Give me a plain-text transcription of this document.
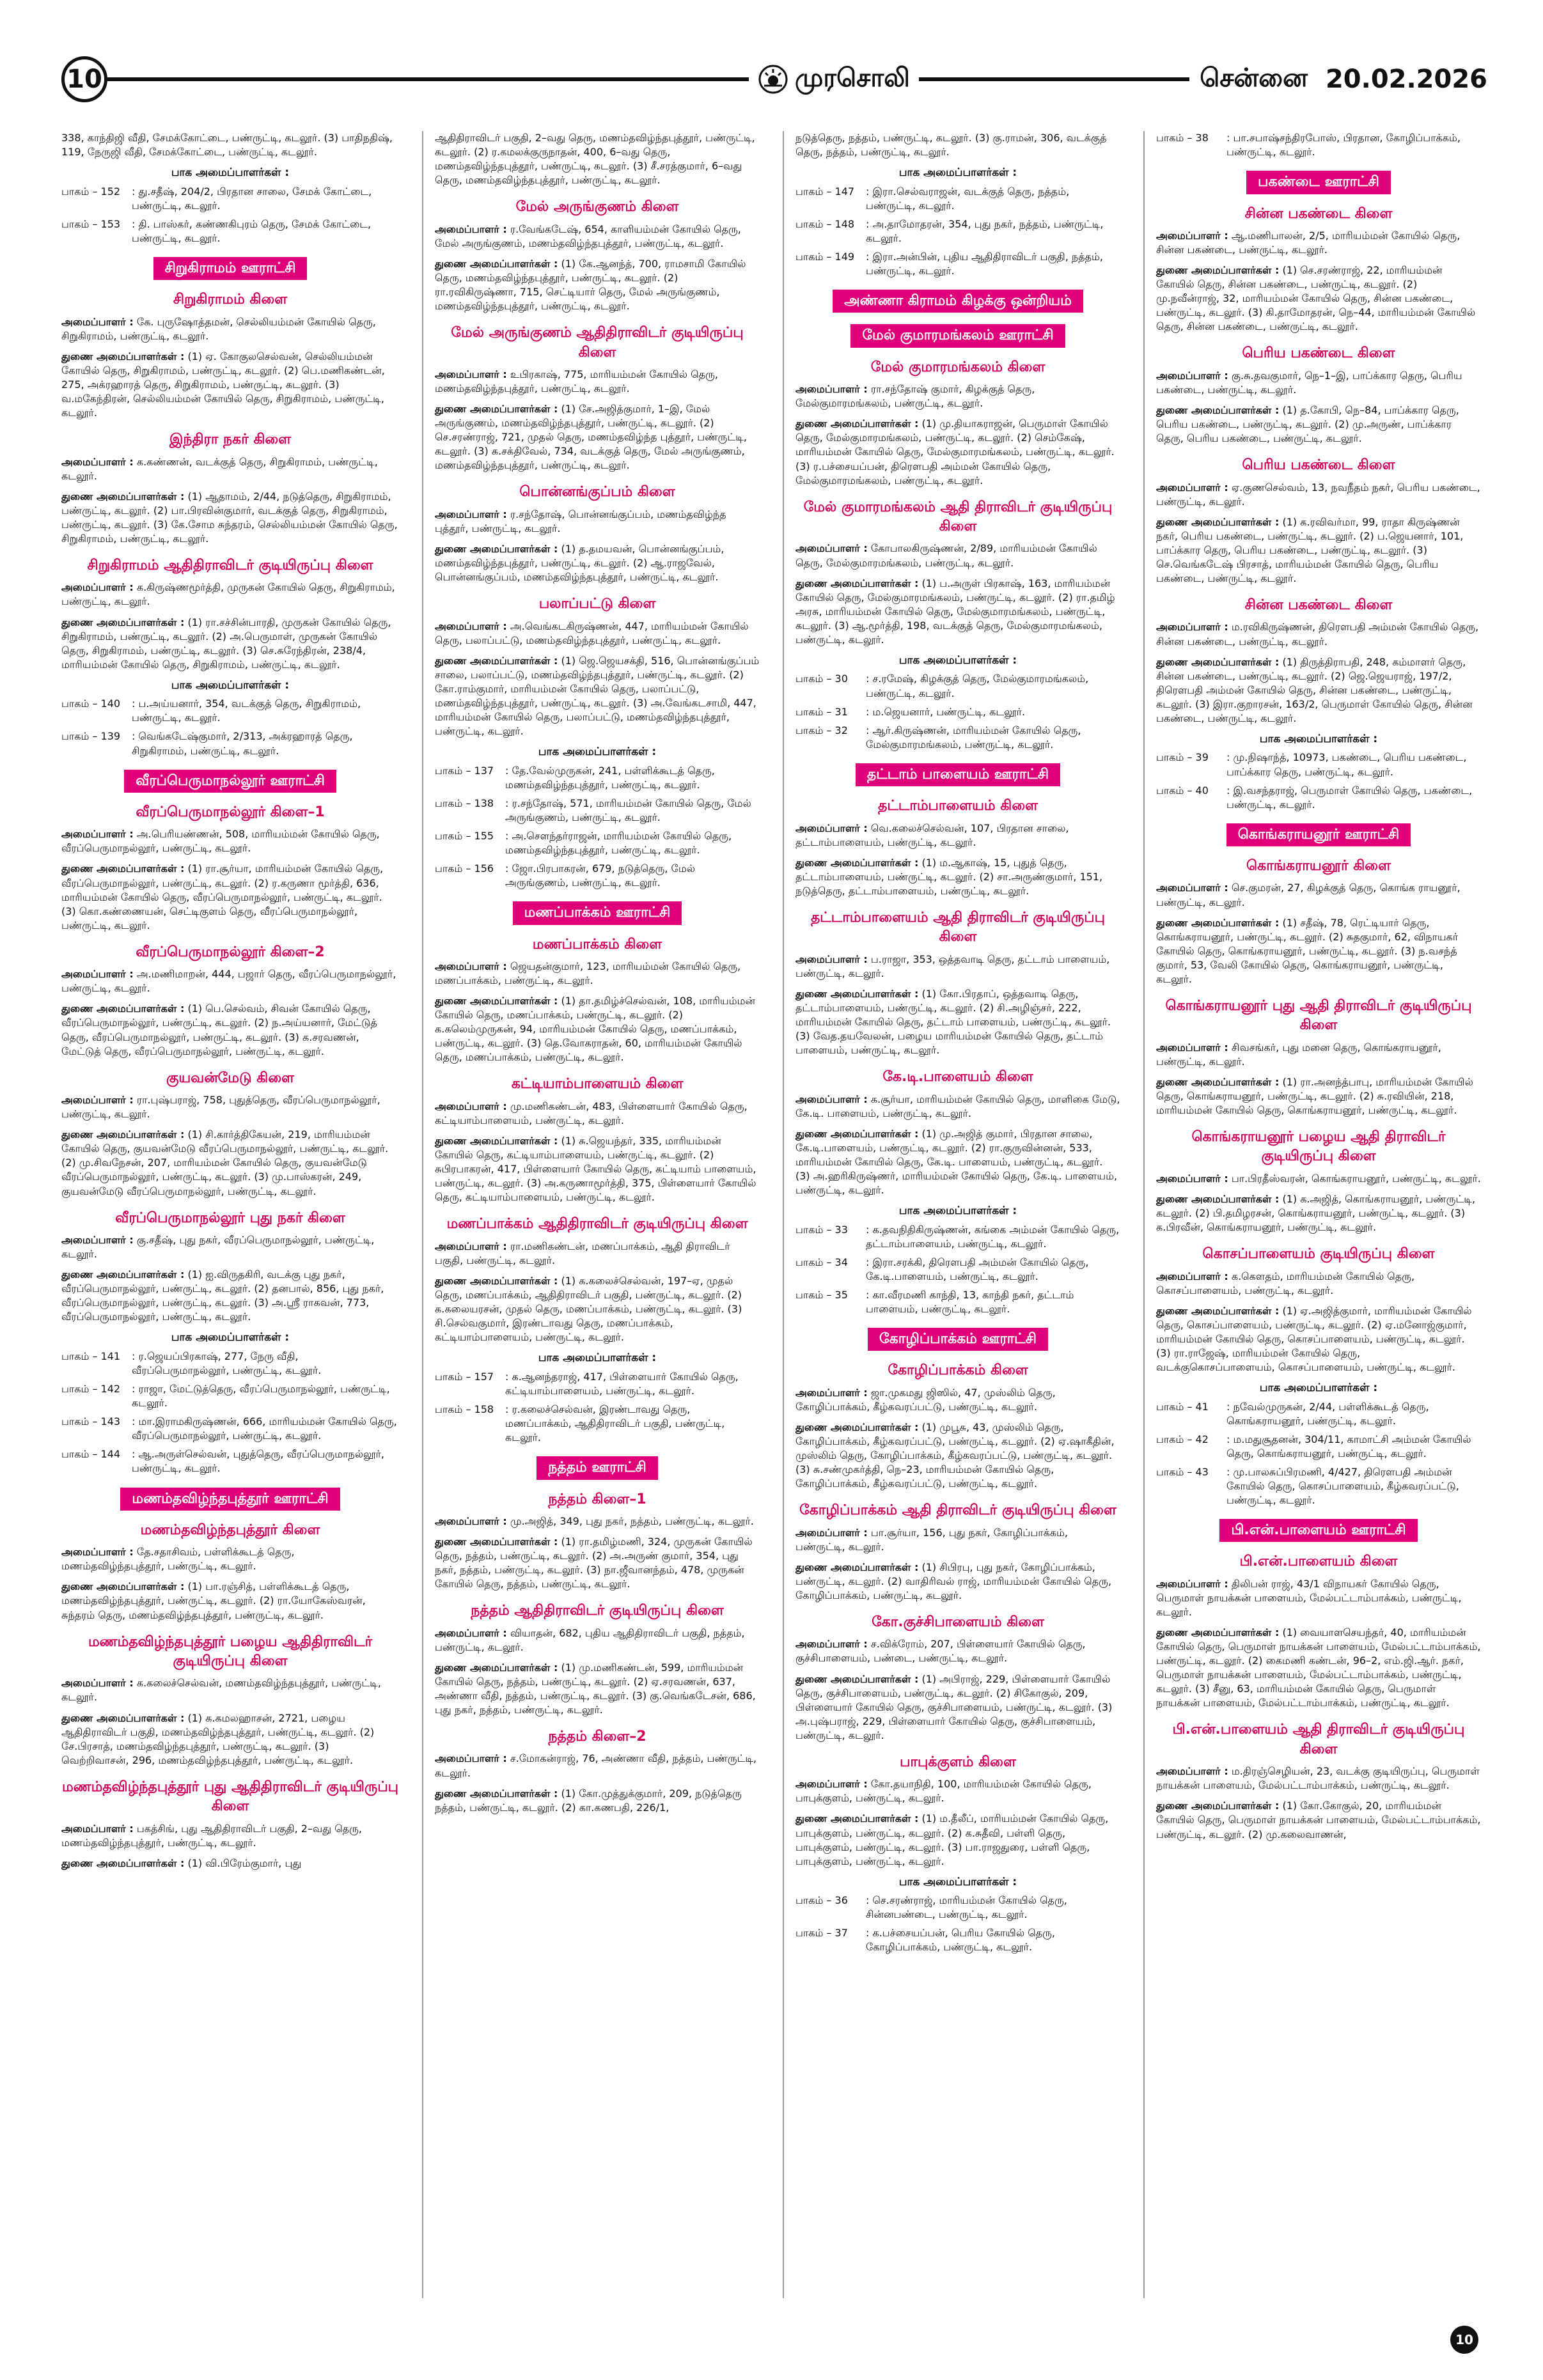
10	முரசொலி	சென்னை 20.02.2026

338, காந்திஜி வீதி, சேமக்கோட்டை, பண்ருட்டி, கடலூர். (3) பாதிநதிஷ், 119, நேருஜி வீதி, சேமக்கோட்டை, பண்ருட்டி, கடலூர்.

பாக அமைப்பாளர்கள் :
பாகம் – 152	: து.சதீஷ், 204/2, பிரதான சாலை, சேமக் கோட்டை, பண்ருட்டி, கடலூர்.
பாகம் – 153	: தி. பாஸ்கர், கண்ணகிபுரம் தெரு, சேமக் கோட்டை, பண்ருட்டி, கடலூர்.
சிறுகிராமம் ஊராட்சி
சிறுகிராமம் கிளை

அமைப்பாளர் : கே. புருஷோத்தமன், செல்லியம்மன் கோயில் தெரு, சிறுகிராமம், பண்ருட்டி, கடலூர்.

துணை அமைப்பாளர்கள் : (1) ஏ. கோகுலசெல்வன், செல்லியம்மன் கோயில் தெரு, சிறுகிராமம், பண்ருட்டி, கடலூர். (2) பெ.மணிகண்டன், 275, அக்ரஹாரத் தெரு, சிறுகிராமம், பண்ருட்டி, கடலூர். (3) வ.மகேந்திரன், செல்லியம்மன் கோயில் தெரு, சிறுகிராமம், பண்ருட்டி, கடலூர்.

இந்திரா நகர் கிளை

அமைப்பாளர் : க.கண்ணன், வடக்குத் தெரு, சிறுகிராமம், பண்ருட்டி, கடலூர்.

துணை அமைப்பாளர்கள் : (1) ஆதாமம், 2/44, நடுத்தெரு, சிறுகிராமம், பண்ருட்டி, கடலூர். (2) பா.பிரவின்குமார், வடக்குத் தெரு, சிறுகிராமம், பண்ருட்டி, கடலூர். (3) கே.சோம சுந்தரம், செல்லியம்மன் கோயில் தெரு, சிறுகிராமம், பண்ருட்டி, கடலூர்.

சிறுகிராமம் ஆதிதிராவிடர் குடியிருப்பு கிளை

அமைப்பாளர் : க.கிருஷ்ணமூர்த்தி, முருகன் கோயில் தெரு, சிறுகிராமம், பண்ருட்டி, கடலூர்.

துணை அமைப்பாளர்கள் : (1) ரா.சச்சின்பாரதி, முருகன் கோயில் தெரு, சிறுகிராமம், பண்ருட்டி, கடலூர். (2) அ.பெருமாள், முருகன் கோயில் தெரு, சிறுகிராமம், பண்ருட்டி, கடலூர். (3) செ.சுரேந்திரன், 238/4, மாரியம்மன் கோயில் தெரு, சிறுகிராமம், பண்ருட்டி, கடலூர்.

பாக அமைப்பாளர்கள் :
பாகம் – 140	: ப.அய்யனார், 354, வடக்குத் தெரு, சிறுகிராமம், பண்ருட்டி, கடலூர்.
பாகம் – 139	: வெங்கடேஷ்குமார், 2/313, அக்ரஹாரத் தெரு, சிறுகிராமம், பண்ருட்டி, கடலூர்.
வீரப்பெருமாநல்லூர் ஊராட்சி
வீரப்பெருமாநல்லூர் கிளை–1

அமைப்பாளர் : அ.பெரியண்ணன், 508, மாரியம்மன் கோயில் தெரு, வீரப்பெருமாநல்லூர், பண்ருட்டி, கடலூர்.

துணை அமைப்பாளர்கள் : (1) ரா.சூர்யா, மாரியம்மன் கோயில் தெரு, வீரப்பெருமாநல்லூர், பண்ருட்டி, கடலூர். (2) ர.கருணா மூர்த்தி, 636, மாரியம்மன் கோயில் தெரு, வீரப்பெருமாநல்லூர், பண்ருட்டி, கடலூர். (3) கொ.கண்ணையன், செட்டிகுளம் தெரு, வீரப்பெருமாநல்லூர், பண்ருட்டி, கடலூர்.

வீரப்பெருமாநல்லூர் கிளை–2

அமைப்பாளர் : அ.மணிமாறன், 444, பஜார் தெரு, வீரப்பெருமாநல்லூர், பண்ருட்டி, கடலூர்.

துணை அமைப்பாளர்கள் : (1) பெ.செல்வம், சிவன் கோயில் தெரு, வீரப்பெருமாநல்லூர், பண்ருட்டி, கடலூர். (2) ந.அய்யனார், மேட்டுத் தெரு, வீரப்பெருமாநல்லூர், பண்ருட்டி, கடலூர். (3) க.சரவணன், மேட்டுத் தெரு, வீரப்பெருமாநல்லூர், பண்ருட்டி, கடலூர்.

குயவன்மேடு கிளை

அமைப்பாளர் : ரா.புஷ்பராஜ், 758, புதுத்தெரு, வீரப்பெருமாநல்லூர், பண்ருட்டி, கடலூர்.

துணை அமைப்பாளர்கள் : (1) சி.கார்த்திகேயன், 219, மாரியம்மன் கோயில் தெரு, குயவன்மேடு வீரப்பெருமாநல்லூர், பண்ருட்டி, கடலூர். (2) மு.சிவநேசன், 207, மாரியம்மன் கோயில் தெரு, குயவன்மேடு வீரப்பெருமாநல்லூர், பண்ருட்டி, கடலூர். (3) மு.பாஸ்கரன், 249, குயவன்மேடு வீரப்பெருமாநல்லூர், பண்ருட்டி, கடலூர்.

வீரப்பெருமாநல்லூர் புது நகர் கிளை

அமைப்பாளர் : கு.சதீஷ், புது நகர், வீரப்பெருமாநல்லூர், பண்ருட்டி, கடலூர்.

துணை அமைப்பாளர்கள் : (1) ஐ.விருதகிரி, வடக்கு புது நகர், வீரப்பெருமாநல்லூர், பண்ருட்டி, கடலூர். (2) தனபால், 856, புது நகர், வீரப்பெருமாநல்லூர், பண்ருட்டி, கடலூர். (3) அ.ஸ்ரீ ராகவன், 773, வீரப்பெருமாநல்லூர், பண்ருட்டி, கடலூர்.

பாக அமைப்பாளர்கள் :
பாகம் – 141	: ர.ஜெயப்பிரகாஷ், 277, நேரு வீதி, வீரப்பெருமாநல்லூர், பண்ருட்டி, கடலூர்.
பாகம் – 142	: ராஜா, மேட்டுத்தெரு, வீரப்பெருமாநல்லூர், பண்ருட்டி, கடலூர்.
பாகம் – 143	: மா.இராமகிருஷ்ணன், 666, மாரியம்மன் கோயில் தெரு, வீரப்பெருமாநல்லூர், பண்ருட்டி, கடலூர்.
பாகம் – 144	: ஆ.அருள்செல்வன், புதுத்தெரு, வீரப்பெருமாநல்லூர், பண்ருட்டி, கடலூர்.
மணம்தவிழ்ந்தபுத்தூர் ஊராட்சி
மணம்தவிழ்ந்தபுத்தூர் கிளை

அமைப்பாளர் : தே.சதாசிவம், பள்ளிக்கூடத் தெரு, மணம்தவிழ்ந்தபுத்தூர், பண்ருட்டி, கடலூர்.

துணை அமைப்பாளர்கள் : (1) பா.ரஞ்சித், பள்ளிக்கூடத் தெரு, மணம்தவிழ்ந்தபுத்தூர், பண்ருட்டி, கடலூர். (2) ரா.யோகேஸ்வரன், சுந்தரம் தெரு, மணம்தவிழ்ந்தபுத்தூர், பண்ருட்டி, கடலூர்.

மணம்தவிழ்ந்தபுத்தூர் பழைய ஆதிதிராவிடர் குடியிருப்பு கிளை

அமைப்பாளர் : க.கலைச்செல்வன், மணம்தவிழ்ந்தபுத்தூர், பண்ருட்டி, கடலூர்.

துணை அமைப்பாளர்கள் : (1) க.கமலஹாசன், 2721, பழைய ஆதிதிராவிடர் பகுதி, மணம்தவிழ்ந்தபுத்தூர், பண்ருட்டி, கடலூர். (2) சே.பிரசாத், மணம்தவிழ்ந்தபுத்தூர், பண்ருட்டி, கடலூர். (3) வெற்றிவாசன், 296, மணம்தவிழ்ந்தபுத்தூர், பண்ருட்டி, கடலூர்.

மணம்தவிழ்ந்தபுத்தூர் புது ஆதிதிராவிடர் குடியிருப்பு கிளை

அமைப்பாளர் : பகத்சிங், புது ஆதிதிராவிடர் பகுதி, 2–வது தெரு, மணம்தவிழ்ந்தபுத்தூர், பண்ருட்டி, கடலூர்.

துணை அமைப்பாளர்கள் : (1) வி.பிரேம்குமார், புது

ஆதிதிராவிடர் பகுதி, 2–வது தெரு, மணம்தவிழ்ந்தபுத்தூர், பண்ருட்டி, கடலூர். (2) ர.கமலக்குருநாதன், 400, 6–வது தெரு, மணம்தவிழ்ந்தபுத்தூர், பண்ருட்டி, கடலூர். (3) சீ.சரத்குமார், 6–வது தெரு, மணம்தவிழ்ந்தபுத்தூர், பண்ருட்டி, கடலூர்.

மேல் அருங்குணம் கிளை

அமைப்பாளர் : ர.வேங்கடேஷ், 654, காளியம்மன் கோயில் தெரு, மேல் அருங்குணம், மணம்தவிழ்ந்தபுத்தூர், பண்ருட்டி, கடலூர்.

துணை அமைப்பாளர்கள் : (1) கே.ஆனந்த், 700, ராமசாமி கோயில் தெரு, மணம்தவிழ்ந்தபுத்தூர், பண்ருட்டி, கடலூர். (2) ரா.ரவிகிருஷ்ணா, 715, செட்டியார் தெரு, மேல் அருங்குணம், மணம்தவிழ்ந்தபுத்தூர், பண்ருட்டி, கடலூர்.

மேல் அருங்குணம் ஆதிதிராவிடர் குடியிருப்பு கிளை

அமைப்பாளர் : உபிரகாஷ், 775, மாரியம்மன் கோயில் தெரு, மணம்தவிழ்ந்தபுத்தூர், பண்ருட்டி, கடலூர்.

துணை அமைப்பாளர்கள் : (1) சே.அஜித்குமார், 1–இ, மேல் அருங்குணம், மணம்தவிழ்ந்தபுத்தூர், பண்ருட்டி, கடலூர். (2) செ.சரண்ராஜ், 721, முதல் தெரு, மணம்தவிழ்ந்த புத்தூர், பண்ருட்டி, கடலூர். (3) க.சக்திவேல், 734, வடக்குத் தெரு, மேல் அருங்குணம், மணம்தவிழ்ந்தபுத்தூர், பண்ருட்டி, கடலூர்.

பொன்னங்குப்பம் கிளை

அமைப்பாளர் : ர.சந்தோஷ், பொன்னங்குப்பம், மணம்தவிழ்ந்த புத்தூர், பண்ருட்டி, கடலூர்.

துணை அமைப்பாளர்கள் : (1) த.தமயவன், பொன்னங்குப்பம், மணம்தவிழ்ந்தபுத்தூர், பண்ருட்டி, கடலூர். (2) ஆ.ராஜவேல், பொன்னங்குப்பம், மணம்தவிழ்ந்தபுத்தூர், பண்ருட்டி, கடலூர்.

பலாப்பட்டு கிளை

அமைப்பாளர் : அ.வெங்கடகிருஷ்ணன், 447, மாரியம்மன் கோயில் தெரு, பலாப்பட்டு, மணம்தவிழ்ந்தபுத்தூர், பண்ருட்டி, கடலூர்.

துணை அமைப்பாளர்கள் : (1) ஜெ.ஜெயசக்தி, 516, பொன்னங்குப்பம் சாலை, பலாப்பட்டு, மணம்தவிழ்ந்தபுத்தூர், பண்ருட்டி, கடலூர். (2) கோ.ராம்குமார், மாரியம்மன் கோயில் தெரு, பலாப்பட்டு, மணம்தவிழ்ந்தபுத்தூர், பண்ருட்டி, கடலூர். (3) அ.வேங்கடசாமி, 447, மாரியம்மன் கோயில் தெரு, பலாப்பட்டு, மணம்தவிழ்ந்தபுத்தூர், பண்ருட்டி, கடலூர்.

பாக அமைப்பாளர்கள் :
பாகம் – 137	: தே.வேல்முருகன், 241, பள்ளிக்கூடத் தெரு, மணம்தவிழ்ந்தபுத்தூர், பண்ருட்டி, கடலூர்.
பாகம் – 138	: ர.சந்தோஷ், 571, மாரியம்மன் கோயில் தெரு, மேல் அருங்குணம், பண்ருட்டி, கடலூர்.
பாகம் – 155	: அ.சௌந்தர்ராஜன், மாரியம்மன் கோயில் தெரு, மணம்தவிழ்ந்தபுத்தூர், பண்ருட்டி, கடலூர்.
பாகம் – 156	: ஜோ.பிரபாகரன், 679, நடுத்தெரு, மேல் அருங்குணம், பண்ருட்டி, கடலூர்.
மணப்பாக்கம் ஊராட்சி
மணப்பாக்கம் கிளை

அமைப்பாளர் : ஜெயதன்குமார், 123, மாரியம்மன் கோயில் தெரு, மணப்பாக்கம், பண்ருட்டி, கடலூர்.

துணை அமைப்பாளர்கள் : (1) தா.தமிழ்ச்செல்வன், 108, மாரியம்மன் கோயில் தெரு, மணப்பாக்கம், பண்ருட்டி, கடலூர். (2) க.கலெம்முருகன், 94, மாரியம்மன் கோயில் தெரு, மணப்பாக்கம், பண்ருட்டி, கடலூர். (3) தெ.வோகராதன், 60, மாரியம்மன் கோயில் தெரு, மணப்பாக்கம், பண்ருட்டி, கடலூர்.

கட்டியாம்பாளையம் கிளை

அமைப்பாளர் : மு.மணிகண்டன், 483, பிள்ளையார் கோயில் தெரு, கட்டியாம்பாளையம், பண்ருட்டி, கடலூர்.

துணை அமைப்பாளர்கள் : (1) சு.ஜெயந்தர், 335, மாரியம்மன் கோயில் தெரு, கட்டியாம்பாளையம், பண்ருட்டி, கடலூர். (2) சுபிரபாகரன், 417, பிள்ளையார் கோயில் தெரு, கட்டியாம் பாளையம், பண்ருட்டி, கடலூர். (3) அ.கருணாமூர்த்தி, 375, பிள்ளையார் கோயில் தெரு, கட்டியாம்பாளையம், பண்ருட்டி, கடலூர்.

மணப்பாக்கம் ஆதிதிராவிடர் குடியிருப்பு கிளை

அமைப்பாளர் : ரா.மணிகண்டன், மணப்பாக்கம், ஆதி திராவிடர் பகுதி, பண்ருட்டி, கடலூர்.

துணை அமைப்பாளர்கள் : (1) க.கலைச்செல்வன், 197–ஏ, முதல் தெரு, மணப்பாக்கம், ஆதிதிராவிடர் பகுதி, பண்ருட்டி, கடலூர். (2) க.கலையரசன், முதல் தெரு, மணப்பாக்கம், பண்ருட்டி, கடலூர். (3) சி.செல்வகுமார், இரண்டாவது தெரு, மணப்பாக்கம், கட்டியாம்பாளையம், பண்ருட்டி, கடலூர்.

பாக அமைப்பாளர்கள் :
பாகம் – 157	: க.ஆனந்தராஜ், 417, பிள்ளையார் கோயில் தெரு, கட்டியாம்பாளையம், பண்ருட்டி, கடலூர்.
பாகம் – 158	: ர.கலைச்செல்வன், இரண்டாவது தெரு, மணப்பாக்கம், ஆதிதிராவிடர் பகுதி, பண்ருட்டி, கடலூர்.
நத்தம் ஊராட்சி
நத்தம் கிளை–1

அமைப்பாளர் : மு.அஜித், 349, புது நகர், நத்தம், பண்ருட்டி, கடலூர்.

துணை அமைப்பாளர்கள் : (1) ரா.தமிழ்மணி, 324, முருகன் கோயில் தெரு, நத்தம், பண்ருட்டி, கடலூர். (2) அ.அருண் குமார், 354, புது நகர், நத்தம், பண்ருட்டி, கடலூர். (3) நா.ஜீவானந்தம், 478, முருகன் கோயில் தெரு, நத்தம், பண்ருட்டி, கடலூர்.

நத்தம் ஆதிதிராவிடர் குடியிருப்பு கிளை

அமைப்பாளர் : வியாதன், 682, புதிய ஆதிதிராவிடர் பகுதி, நத்தம், பண்ருட்டி, கடலூர்.

துணை அமைப்பாளர்கள் : (1) மு.மணிகண்டன், 599, மாரியம்மன் கோயில் தெரு, நத்தம், பண்ருட்டி, கடலூர். (2) ஏ.சரவணன், 637, அண்ணா வீதி, நத்தம், பண்ருட்டி, கடலூர். (3) கு.வெங்கடேசன், 686, புது நகர், நத்தம், பண்ருட்டி, கடலூர்.

நத்தம் கிளை–2

அமைப்பாளர் : ச.மோகன்ராஜ், 76, அண்ணா வீதி, நத்தம், பண்ருட்டி, கடலூர்.

துணை அமைப்பாளர்கள் : (1) கோ.முத்துக்குமார், 209, நடுத்தெரு நத்தம், பண்ருட்டி, கடலூர். (2) கா.கணபதி, 226/1,

நடுத்தெரு, நத்தம், பண்ருட்டி, கடலூர். (3) கு.ராமன், 306, வடக்குத் தெரு, நத்தம், பண்ருட்டி, கடலூர்.

பாக அமைப்பாளர்கள் :
பாகம் – 147	: இரா.செல்வராஜன், வடக்குத் தெரு, நத்தம், பண்ருட்டி, கடலூர்.
பாகம் – 148	: அ.தாமோதரன், 354, புது நகர், நத்தம், பண்ருட்டி, கடலூர்.
பாகம் – 149	: இரா.அன்பின், புதிய ஆதிதிராவிடர் பகுதி, நத்தம், பண்ருட்டி, கடலூர்.
அண்ணா கிராமம் கிழக்கு ஒன்றியம்
மேல் குமாரமங்கலம் ஊராட்சி
மேல் குமாரமங்கலம் கிளை

அமைப்பாளர் : ரா.சந்தோஷ் குமார், கிழக்குத் தெரு, மேல்குமாரமங்கலம், பண்ருட்டி, கடலூர்.

துணை அமைப்பாளர்கள் : (1) மு.தியாகராஜன், பெருமாள் கோயில் தெரு, மேல்குமாரமங்கலம், பண்ருட்டி, கடலூர். (2) செம்கேஷ், மாரியம்மன் கோயில் தெரு, மேல்குமாரமங்கலம், பண்ருட்டி, கடலூர். (3) ர.பச்சையப்பன், திரௌபதி அம்மன் கோயில் தெரு, மேல்குமாரமங்கலம், பண்ருட்டி, கடலூர்.

மேல் குமாரமங்கலம் ஆதி திராவிடர் குடியிருப்பு கிளை

அமைப்பாளர் : கோபாலகிருஷ்ணன், 2/89, மாரியம்மன் கோயில் தெரு, மேல்குமாரமங்கலம், பண்ருட்டி, கடலூர்.

துணை அமைப்பாளர்கள் : (1) ப.அருள் பிரகாஷ், 163, மாரியம்மன் கோயில் தெரு, மேல்குமாரமங்கலம், பண்ருட்டி, கடலூர். (2) ரா.தமிழ் அரசு, மாரியம்மன் கோயில் தெரு, மேல்குமாரமங்கலம், பண்ருட்டி, கடலூர். (3) ஆ.மூர்த்தி, 198, வடக்குத் தெரு, மேல்குமாரமங்கலம், பண்ருட்டி, கடலூர்.

பாக அமைப்பாளர்கள் :
பாகம் – 30	: ச.ரமேஷ், கிழக்குத் தெரு, மேல்குமாரமங்கலம், பண்ருட்டி, கடலூர்.
பாகம் – 31	: ம.ஜெயனார், பண்ருட்டி, கடலூர்.
பாகம் – 32	: ஆர்.கிருஷ்ணன், மாரியம்மன் கோயில் தெரு, மேல்குமாரமங்கலம், பண்ருட்டி, கடலூர்.
தட்டாம் பாளையம் ஊராட்சி
தட்டாம்பாளையம் கிளை

அமைப்பாளர் : வெ.கலைச்செல்வன், 107, பிரதான சாலை, தட்டாம்பாளையம், பண்ருட்டி, கடலூர்.

துணை அமைப்பாளர்கள் : (1) ம.ஆகாஷ், 15, புதுத் தெரு, தட்டாம்பாளையம், பண்ருட்டி, கடலூர். (2) சா.அருண்குமார், 151, நடுத்தெரு, தட்டாம்பாளையம், பண்ருட்டி, கடலூர்.

தட்டாம்பாளையம் ஆதி திராவிடர் குடியிருப்பு கிளை

அமைப்பாளர் : ப.ராஜா, 353, ஒத்தவாடி தெரு, தட்டாம் பாளையம், பண்ருட்டி, கடலூர்.

துணை அமைப்பாளர்கள் : (1) கோ.பிரதாப், ஒத்தவாடி தெரு, தட்டாம்பாளையம், பண்ருட்டி, கடலூர். (2) சி.அழிஞ்சர், 222, மாரியம்மன் கோயில் தெரு, தட்டாம் பாளையம், பண்ருட்டி, கடலூர். (3) வேத.தயவேலன், பழைய மாரியம்மன் கோயில் தெரு, தட்டாம் பாளையம், பண்ருட்டி, கடலூர்.

கே.டி.பாளையம் கிளை

அமைப்பாளர் : க.சூர்யா, மாரியம்மன் கோயில் தெரு, மாளிகை மேடு, கே.டி. பாளையம், பண்ருட்டி, கடலூர்.

துணை அமைப்பாளர்கள் : (1) மு.அஜித் குமார், பிரதான சாலை, கே.டி.பாளையம், பண்ருட்டி, கடலூர். (2) ரா.குருவின்னன், 533, மாரியம்மன் கோயில் தெரு, கே.டி. பாளையம், பண்ருட்டி, கடலூர். (3) அ.ஹரிகிருஷ்ணர், மாரியம்மன் கோயில் தெரு, கே.டி. பாளையம், பண்ருட்டி, கடலூர்.

பாக அமைப்பாளர்கள் :
பாகம் – 33	: க.தவநிதிகிருஷ்ணன், கங்கை அம்மன் கோயில் தெரு, தட்டாம்பாளையம், பண்ருட்டி, கடலூர்.
பாகம் – 34	: இரா.சரக்கி, திரௌபதி அம்மன் கோயில் தெரு, கே.டி.பாளையம், பண்ருட்டி, கடலூர்.
பாகம் – 35	: கா.வீரமணி காந்தி, 13, காந்தி நகர், தட்டாம் பாளையம், பண்ருட்டி, கடலூர்.
கோழிப்பாக்கம் ஊராட்சி
கோழிப்பாக்கம் கிளை

அமைப்பாளர் : ஜா.முகமது ஜிஸில், 47, முஸ்லிம் தெரு, கோழிப்பாக்கம், கீழ்கவரப்பட்டு, பண்ருட்டி, கடலூர்.

துணை அமைப்பாளர்கள் : (1) முபூசு, 43, முஸ்லிம் தெரு, கோழிப்பாக்கம், கீழ்கவரப்பட்டு, பண்ருட்டி, கடலூர். (2) ஏ.ஷாகீதின், முஸ்லிம் தெரு, கோழிப்பாக்கம், கீழ்கவரப்பட்டு, பண்ருட்டி, கடலூர். (3) சு.சண்முகர்த்தி, நெ–23, மாரியம்மன் கோயில் தெரு, கோழிப்பாக்கம், கீழ்கவரப்பட்டு, பண்ருட்டி, கடலூர்.

கோழிப்பாக்கம் ஆதி திராவிடர் குடியிருப்பு கிளை

அமைப்பாளர் : பா.சூர்யா, 156, புது நகர், கோழிப்பாக்கம், பண்ருட்டி, கடலூர்.

துணை அமைப்பாளர்கள் : (1) சிபிரபு, புது நகர், கோழிப்பாக்கம், பண்ருட்டி, கடலூர். (2) வாதிரிவல் ராஜ், மாரியம்மன் கோயில் தெரு, கோழிப்பாக்கம், பண்ருட்டி, கடலூர்.

கோ.குச்சிபாளையம் கிளை

அமைப்பாளர் : ச.விக்ரோம், 207, பிள்ளையார் கோயில் தெரு, குச்சிபாளையம், பண்டை, பண்ருட்டி, கடலூர்.

துணை அமைப்பாளர்கள் : (1) அபிராஜ், 229, பிள்ளையார் கோயில் தெரு, குச்சிபாளையம், பண்ருட்டி, கடலூர். (2) சிகோகுல், 209, பிள்ளையார் கோயில் தெரு, குச்சிபாளையம், பண்ருட்டி, கடலூர். (3) அ.புஷ்பராஜ், 229, பிள்ளையார் கோயில் தெரு, குச்சிபாளையம், பண்ருட்டி, கடலூர்.

பாபுக்குளம் கிளை

அமைப்பாளர் : கோ.தயாநிதி, 100, மாரியம்மன் கோயில் தெரு, பாபுக்குளம், பண்ருட்டி, கடலூர்.

துணை அமைப்பாளர்கள் : (1) ம.தீலீப், மாரியம்மன் கோயில் தெரு, பாபுக்குளம், பண்ருட்டி, கடலூர். (2) க.சுதீவி, பள்ளி தெரு, பாபுக்குளம், பண்ருட்டி, கடலூர். (3) பா.ராஜதுரை, பள்ளி தெரு, பாபுக்குளம், பண்ருட்டி, கடலூர்.

பாக அமைப்பாளர்கள் :
பாகம் – 36	: செ.சரண்ராஜ், மாரியம்மன் கோயில் தெரு, சின்னபண்டை, பண்ருட்டி, கடலூர்.
பாகம் – 37	: க.பச்சையப்பன், பெரிய கோயில் தெரு, கோழிப்பாக்கம், பண்ருட்டி, கடலூர்.
பாகம் – 38	: பா.சபாஷ்சந்திரபோஸ், பிரதான, கோழிப்பாக்கம், பண்ருட்டி, கடலூர்.
பகண்டை ஊராட்சி
சின்ன பகண்டை கிளை

அமைப்பாளர் : ஆ.மணிபாலன், 2/5, மாரியம்மன் கோயில் தெரு, சின்ன பகண்டை, பண்ருட்டி, கடலூர்.

துணை அமைப்பாளர்கள் : (1) செ.சரண்ராஜ், 22, மாரியம்மன் கோயில் தெரு, சின்ன பகண்டை, பண்ருட்டி, கடலூர். (2) மு.நவீன்ராஜ், 32, மாரியம்மன் கோயில் தெரு, சின்ன பகண்டை, பண்ருட்டி, கடலூர். (3) கி.தாமோதரன், நெ–44, மாரியம்மன் கோயில் தெரு, சின்ன பகண்டை, பண்ருட்டி, கடலூர்.

பெரிய பகண்டை கிளை

அமைப்பாளர் : கு.சு.தவகுமார், நெ–1–இ, பாப்க்கார தெரு, பெரிய பகண்டை, பண்ருட்டி, கடலூர்.

துணை அமைப்பாளர்கள் : (1) த.கோபி, நெ–84, பாப்க்கார தெரு, பெரிய பகண்டை, பண்ருட்டி, கடலூர். (2) மு.அருண், பாப்க்கார தெரு, பெரிய பகண்டை, பண்ருட்டி, கடலூர்.

பெரிய பகண்டை கிளை

அமைப்பாளர் : ஏ.குணசெல்வம், 13, நவநீதம் நகர், பெரிய பகண்டை, பண்ருட்டி, கடலூர்.

துணை அமைப்பாளர்கள் : (1) க.ரவிவர்மா, 99, ராதா கிருஷ்ணன் நகர், பெரிய பகண்டை, பண்ருட்டி, கடலூர். (2) ப.ஜெயனார், 101, பாப்க்கார தெரு, பெரிய பகண்டை, பண்ருட்டி, கடலூர். (3) செ.வெங்கடேஷ் பிரசாத், மாரியம்மன் கோயில் தெரு, பெரிய பகண்டை, பண்ருட்டி, கடலூர்.

சின்ன பகண்டை கிளை

அமைப்பாளர் : ம.ரவிகிருஷ்ணன், திரௌபதி அம்மன் கோயில் தெரு, சின்ன பகண்டை, பண்ருட்டி, கடலூர்.

துணை அமைப்பாளர்கள் : (1) திருத்திராபதி, 248, கம்மாளர் தெரு, சின்ன பகண்டை, பண்ருட்டி, கடலூர். (2) ஜெ.ஜெயராஜ், 197/2, திரௌபதி அம்மன் கோயில் தெரு, சின்ன பகண்டை, பண்ருட்டி, கடலூர். (3) இரா.குறாரசன், 163/2, பெருமாள் கோயில் தெரு, சின்ன பகண்டை, பண்ருட்டி, கடலூர்.

பாக அமைப்பாளர்கள் :
பாகம் – 39	: மு.நிஷாந்த், 10973, பகண்டை, பெரிய பகண்டை, பாப்க்கார தெரு, பண்ருட்டி, கடலூர்.
பாகம் – 40	: இ.வசந்தராஜ், பெருமாள் கோயில் தெரு, பகண்டை, பண்ருட்டி, கடலூர்.
கொங்கராயனூர் ஊராட்சி
கொங்கராயனூர் கிளை

அமைப்பாளர் : செ.குமரன், 27, கிழக்குத் தெரு, கொங்க ராயனூர், பண்ருட்டி, கடலூர்.

துணை அமைப்பாளர்கள் : (1) சதீஷ், 78, ரெட்டியார் தெரு, கொங்கராயனூர், பண்ருட்டி, கடலூர். (2) சுதகுமார், 62, விநாயகர் கோயில் தெரு, கொங்கராயனூர், பண்ருட்டி, கடலூர். (3) ந.வசந்த் குமார், 53, வேலி கோயில் தெரு, கொங்கராயனூர், பண்ருட்டி, கடலூர்.

கொங்கராயனூர் புது ஆதி திராவிடர் குடியிருப்பு கிளை

அமைப்பாளர் : சிவசங்கர், புது மனை தெரு, கொங்கராயனூர், பண்ருட்டி, கடலூர்.

துணை அமைப்பாளர்கள் : (1) ரா.அனந்த்பாபு, மாரியம்மன் கோயில் தெரு, கொங்கராயனூர், பண்ருட்டி, கடலூர். (2) சு.ரவியின், 218, மாரியம்மன் கோயில் தெரு, கொங்கராயனூர், பண்ருட்டி, கடலூர்.

கொங்கராயனூர் பழைய ஆதி திராவிடர் குடியிருப்பு கிளை

அமைப்பாளர் : பா.பிரதீஸ்வரன், கொங்கராயனூர், பண்ருட்டி, கடலூர்.

துணை அமைப்பாளர்கள் : (1) க.அஜித், கொங்கராயனூர், பண்ருட்டி, கடலூர். (2) பி.தமிழரசன், கொங்கராயனூர், பண்ருட்டி, கடலூர். (3) க.பிரவீன், கொங்கராயனூர், பண்ருட்டி, கடலூர்.

கொசப்பாளையம் குடியிருப்பு கிளை

அமைப்பாளர் : க.கௌதம், மாரியம்மன் கோயில் தெரு, கொசப்பாளையம், பண்ருட்டி, கடலூர்.

துணை அமைப்பாளர்கள் : (1) ஏ.அஜித்குமார், மாரியம்மன் கோயில் தெரு, கொசப்பாளையம், பண்ருட்டி, கடலூர். (2) ஏ.மனோஜ்குமார், மாரியம்மன் கோயில் தெரு, கொசப்பாளையம், பண்ருட்டி, கடலூர். (3) ரா.ராஜேஷ், மாரியம்மன் கோயில் தெரு, வடக்குகொசப்பாளையம், கொசப்பாளையம், பண்ருட்டி, கடலூர்.

பாக அமைப்பாளர்கள் :
பாகம் – 41	: நவேல்முருகன், 2/44, பள்ளிக்கூடத் தெரு, கொங்கராயனூர், பண்ருட்டி, கடலூர்.
பாகம் – 42	: ம.மதுசூதனன், 304/11, காமாட்சி அம்மன் கோயில் தெரு, கொங்கராயனூர், பண்ருட்டி, கடலூர்.
பாகம் – 43	: மு.பாலசுப்பிரமணி, 4/427, திரௌபதி அம்மன் கோயில் தெரு, கொசப்பாளையம், கீழ்கவரப்பட்டு, பண்ருட்டி, கடலூர்.
பி.என்.பாளையம் ஊராட்சி
பி.என்.பாளையம் கிளை

அமைப்பாளர் : திலிபன் ராஜ், 43/1 விநாயகர் கோயில் தெரு, பெருமாள் நாயக்கன் பாளையம், மேல்பட்டாம்பாக்கம், பண்ருட்டி, கடலூர்.

துணை அமைப்பாளர்கள் : (1) வையாளசெயந்தர், 40, மாரியம்மன் கோயில் தெரு, பெருமாள் நாயக்கன் பாளையம், மேல்பட்டாம்பாக்கம், பண்ருட்டி, கடலூர். (2) கைமணி கண்டன், 96–2, எம்.ஜி.ஆர். நகர், பெருமாள் நாயக்கன் பாளையம், மேல்பட்டாம்பாக்கம், பண்ருட்டி, கடலூர். (3) சீனு, 63, மாரியம்மன் கோயில் தெரு, பெருமாள் நாயக்கன் பாளையம், மேல்பட்டாம்பாக்கம், பண்ருட்டி, கடலூர்.

பி.என்.பாளையம் ஆதி திராவிடர் குடியிருப்பு கிளை

அமைப்பாளர் : ம.திரஞ்செழியன், 23, வடக்கு குடியிருப்பு, பெருமாள் நாயக்கன் பாளையம், மேல்பட்டாம்பாக்கம், பண்ருட்டி, கடலூர்.

துணை அமைப்பாளர்கள் : (1) கோ.கோகுல், 20, மாரியம்மன் கோயில் தெரு, பெருமாள் நாயக்கன் பாளையம், மேல்பட்டாம்பாக்கம், பண்ருட்டி, கடலூர். (2) மு.கலைவாணன்,

10
